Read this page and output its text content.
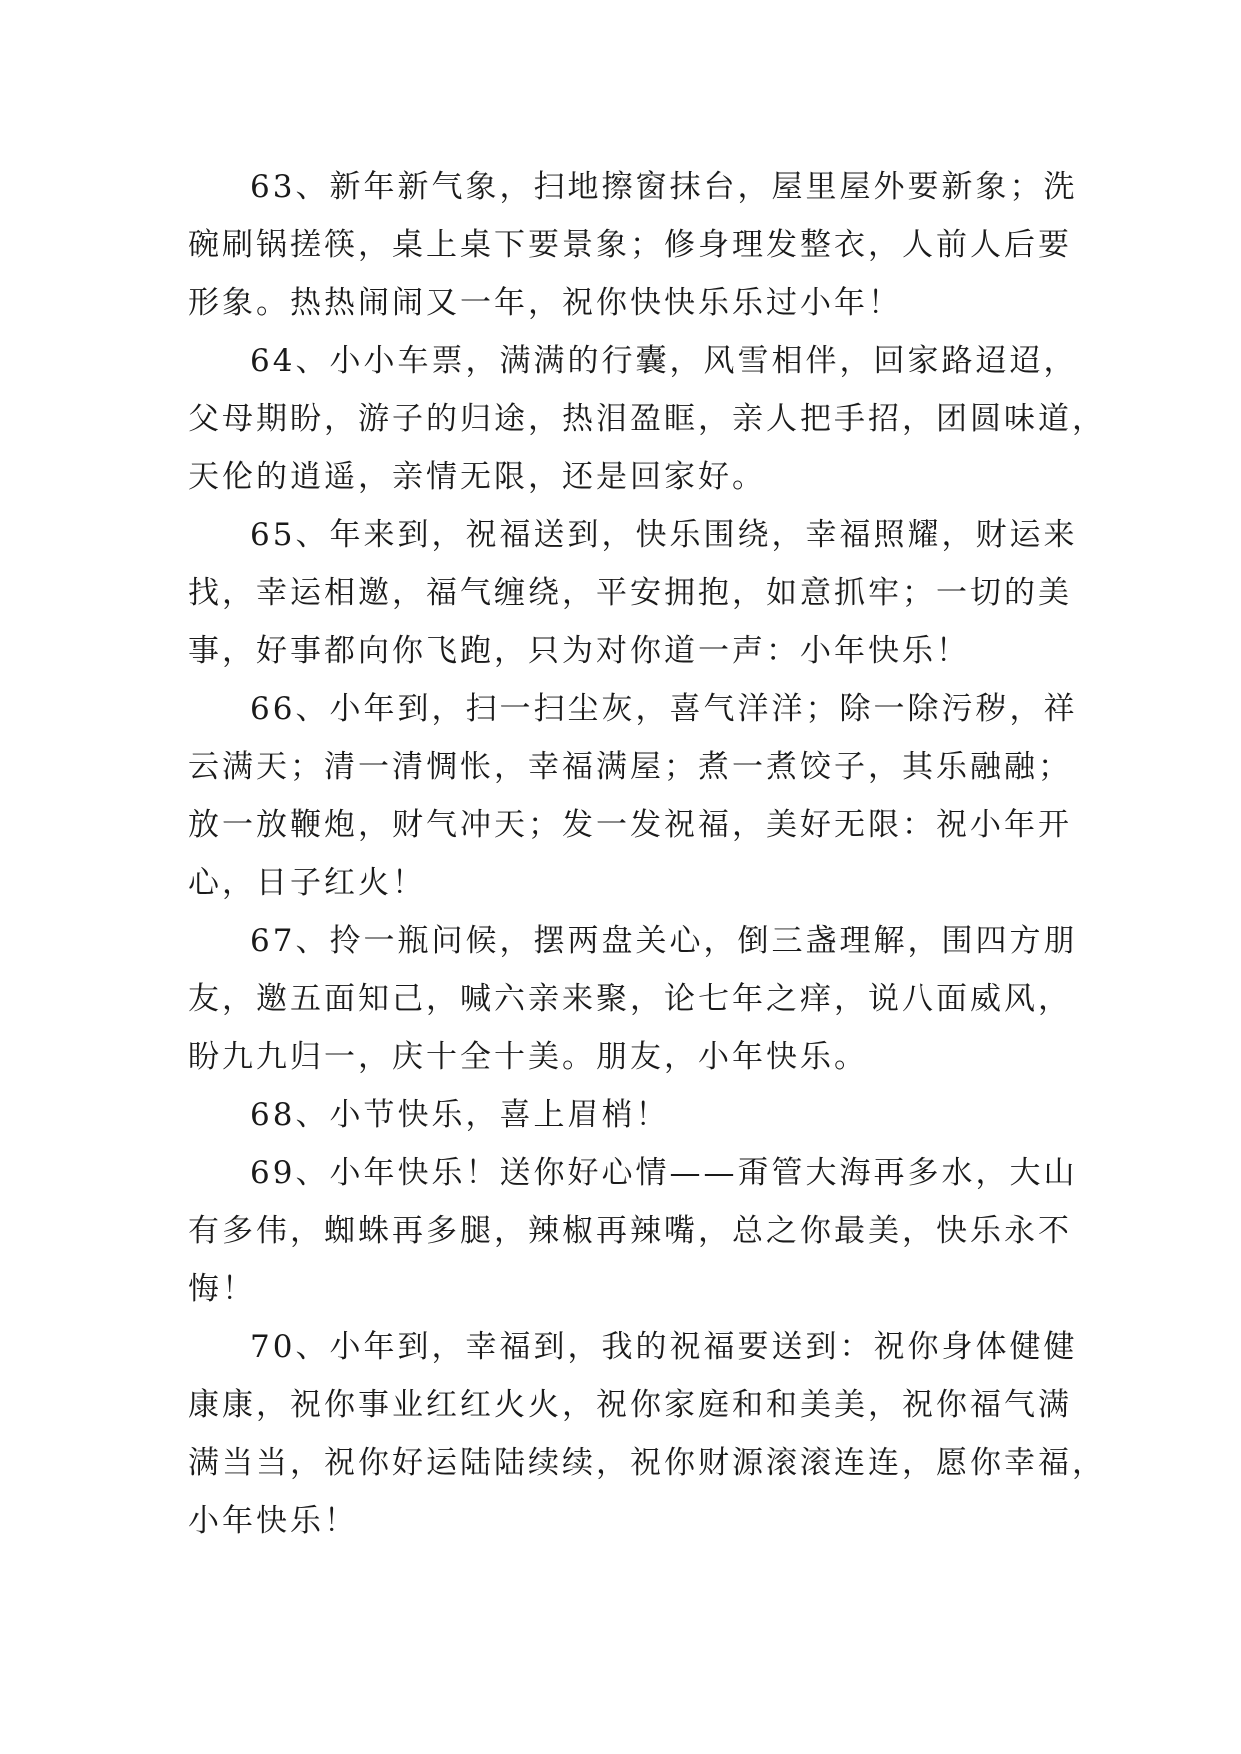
63、新年新气象，扫地擦窗抹台，屋里屋外要新象；洗
碗刷锅搓筷，桌上桌下要景象；修身理发整衣，人前人后要
形象。热热闹闹又一年，祝你快快乐乐过小年！
64、小小车票，满满的行囊，风雪相伴，回家路迢迢，
父母期盼，游子的归途，热泪盈眶，亲人把手招，团圆味道，
天伦的逍遥，亲情无限，还是回家好。
65、年来到，祝福送到，快乐围绕，幸福照耀，财运来
找，幸运相邀，福气缠绕，平安拥抱，如意抓牢；一切的美
事，好事都向你飞跑，只为对你道一声：小年快乐！
66、小年到，扫一扫尘灰，喜气洋洋；除一除污秽，祥
云满天；清一清惆怅，幸福满屋；煮一煮饺子，其乐融融；
放一放鞭炮，财气冲天；发一发祝福，美好无限：祝小年开
心，日子红火！
67、拎一瓶问候，摆两盘关心，倒三盏理解，围四方朋
友，邀五面知己，喊六亲来聚，论七年之痒，说八面威风，
盼九九归一，庆十全十美。朋友，小年快乐。
68、小节快乐，喜上眉梢！
69、小年快乐！送你好心情——甭管大海再多水，大山
有多伟，蜘蛛再多腿，辣椒再辣嘴，总之你最美，快乐永不
悔！
70、小年到，幸福到，我的祝福要送到：祝你身体健健
康康，祝你事业红红火火，祝你家庭和和美美，祝你福气满
满当当，祝你好运陆陆续续，祝你财源滚滚连连，愿你幸福，
小年快乐！
